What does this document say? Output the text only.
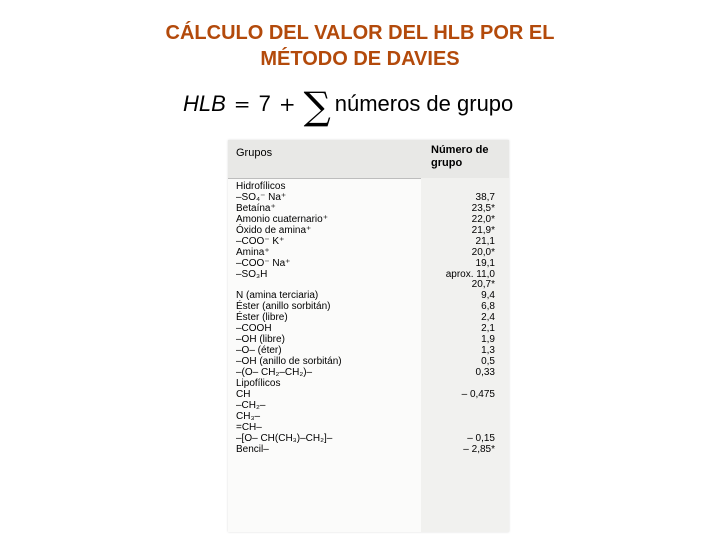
CÁLCULO DEL VALOR DEL HLB POR EL
MÉTODO DE DAVIES
HLB = 7 + ∑ números de grupo
Grupos	Número de
grupo
Hidrofílicos
–SO₄⁻ Na⁺	38,7
Betaína⁺	23,5*
Amonio cuaternario⁺	22,0*
Óxido de amina⁺	21,9*
–COO⁻ K⁺	21,1
Amina⁺	20,0*
–COO⁻ Na⁺	19,1
–SO₃H	aprox. 11,0
20,7*
N (amina terciaria)	9,4
Éster (anillo sorbitán)	6,8
Éster (libre)	2,4
–COOH	2,1
–OH (libre)	1,9
–O– (éter)	1,3
–OH (anillo de sorbitán)	0,5
–(O– CH₂–CH₂)–	0,33
Lipofílicos
CH	– 0,475
–CH₂–
CH₃–
=CH–
–[O– CH(CH₃)–CH₂]–	– 0,15
Bencil–	– 2,85*
